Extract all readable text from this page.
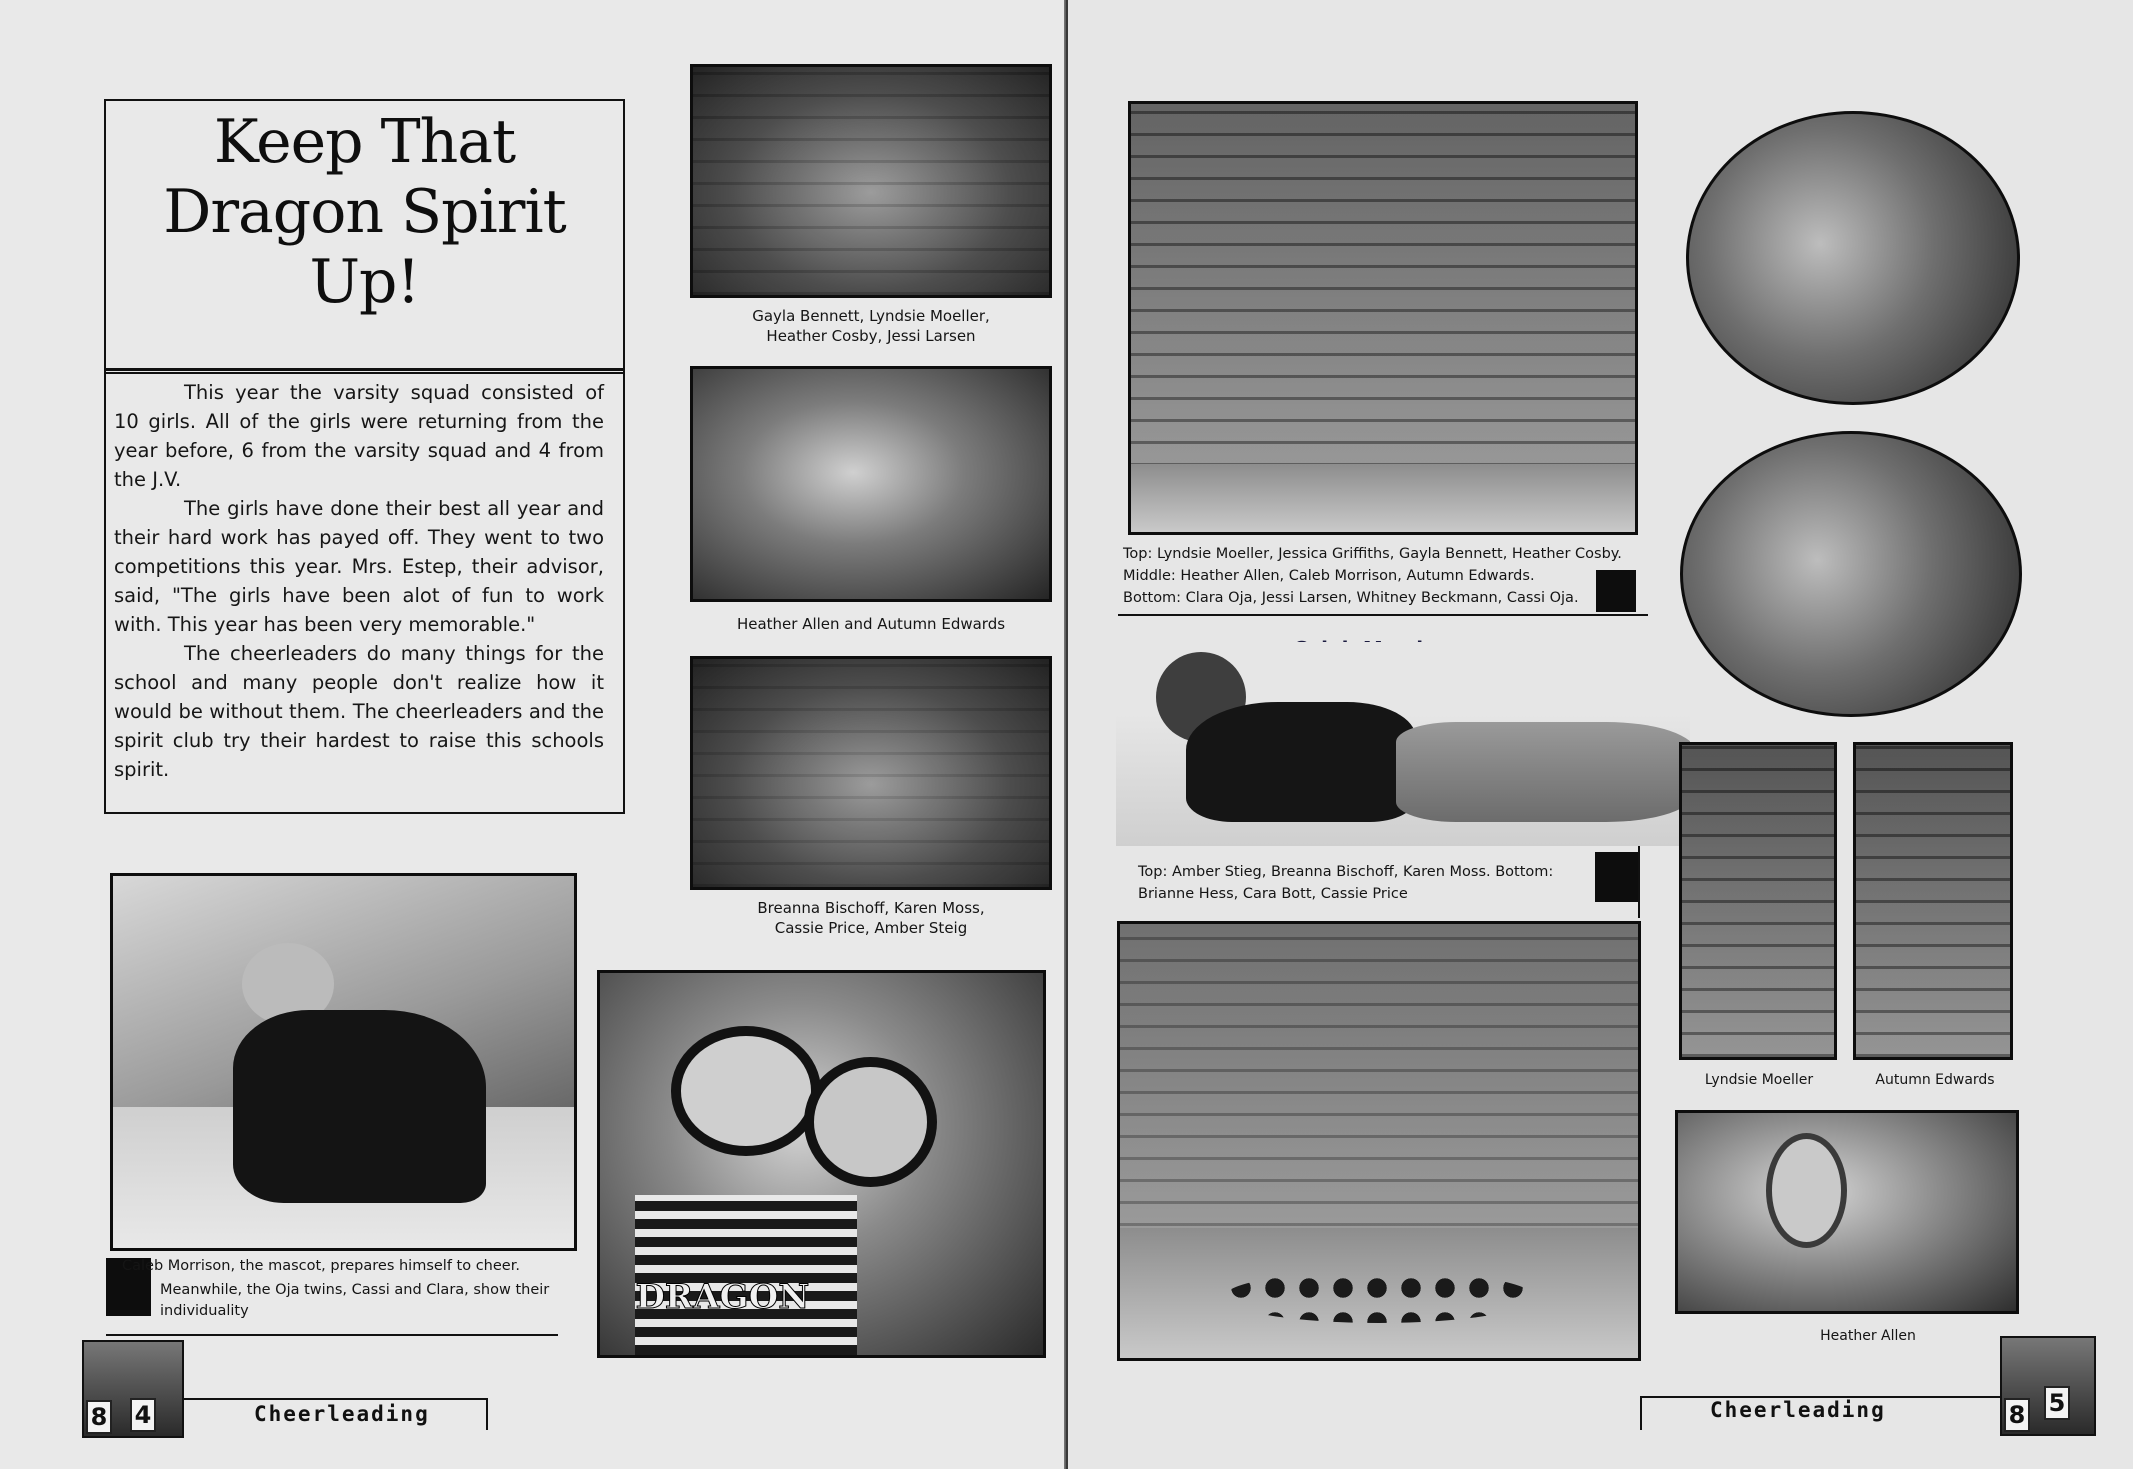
Keep That
Dragon Spirit
Up!

This year the varsity squad consisted of 10 girls. All of the girls were returning from the year before, 6 from the varsity squad and 4 from the J.V.

The girls have done their best all year and their hard work has payed off. They went to two competitions this year. Mrs. Estep, their advisor, said, "The girls have been alot of fun to work with. This year has been very memorable."

The cheerleaders do many things for the school and many people don't realize how it would be without them. The cheerleaders and the spirit club try their hardest to raise this schools spirit.

Gayla Bennett, Lyndsie Moeller, Heather Cosby, Jessi Larsen
Heather Allen and Autumn Edwards
Breanna Bischoff, Karen Moss, Cassie Price, Amber Steig
Caleb Morrison, the mascot, prepares himself to cheer.
Meanwhile, the Oja twins, Cassi and Clara, show their individuality	DRAGON
8 4	Cheerleading
Top: Lyndsie Moeller, Jessica Griffiths, Gayla Bennett, Heather Cosby.
Middle: Heather Allen, Caleb Morrison, Autumn Edwards.
Bottom: Clara Oja, Jessi Larsen, Whitney Beckmann, Cassi Oja.
Top: Amber Stieg, Breanna Bischoff, Karen Moss. Bottom:
Brianne Hess, Cara Bott, Cassie Price
Lyndsie Moeller	Autumn Edwards
Heather Allen
Cheerleading	8 5
